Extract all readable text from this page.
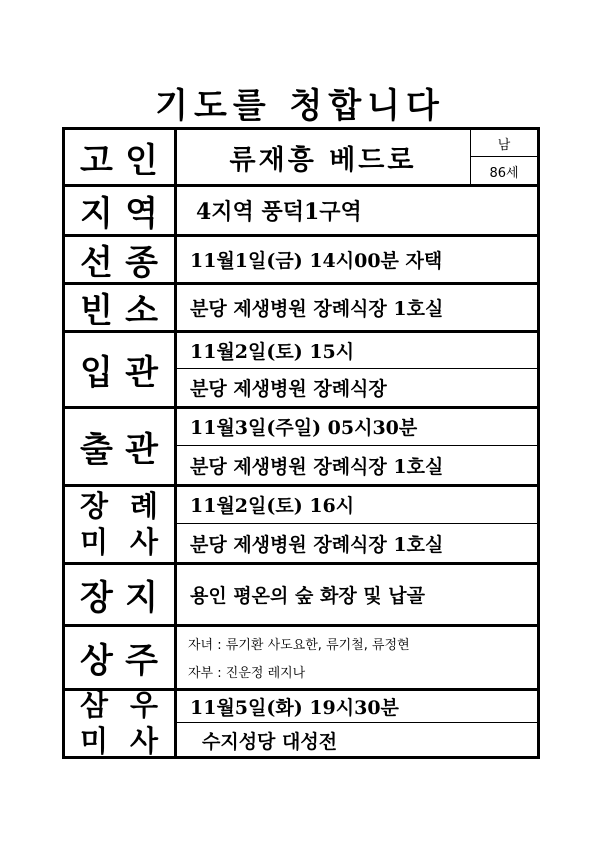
기도를 청합니다
고 인	류재흥 베드로	남
86세
지 역 4지역 풍덕1구역
선 종 11월1일(금) 14시00분 자택
빈 소 분당 제생병원 장례식장 1호실
입 관
11월2일(토) 15시
분당 제생병원 장례식장
출 관
11월3일(주일) 05시30분
분당 제생병원 장례식장 1호실
장 례
미 사
11월2일(토) 16시
분당 제생병원 장례식장 1호실
장 지 용인 평온의 숲 화장 및 납골
상 주 자녀 : 류기환 사도요한, 류기철, 류정현
자부 : 진운정 레지나
삼 우
미 사
11월5일(화) 19시30분
수지성당 대성전
